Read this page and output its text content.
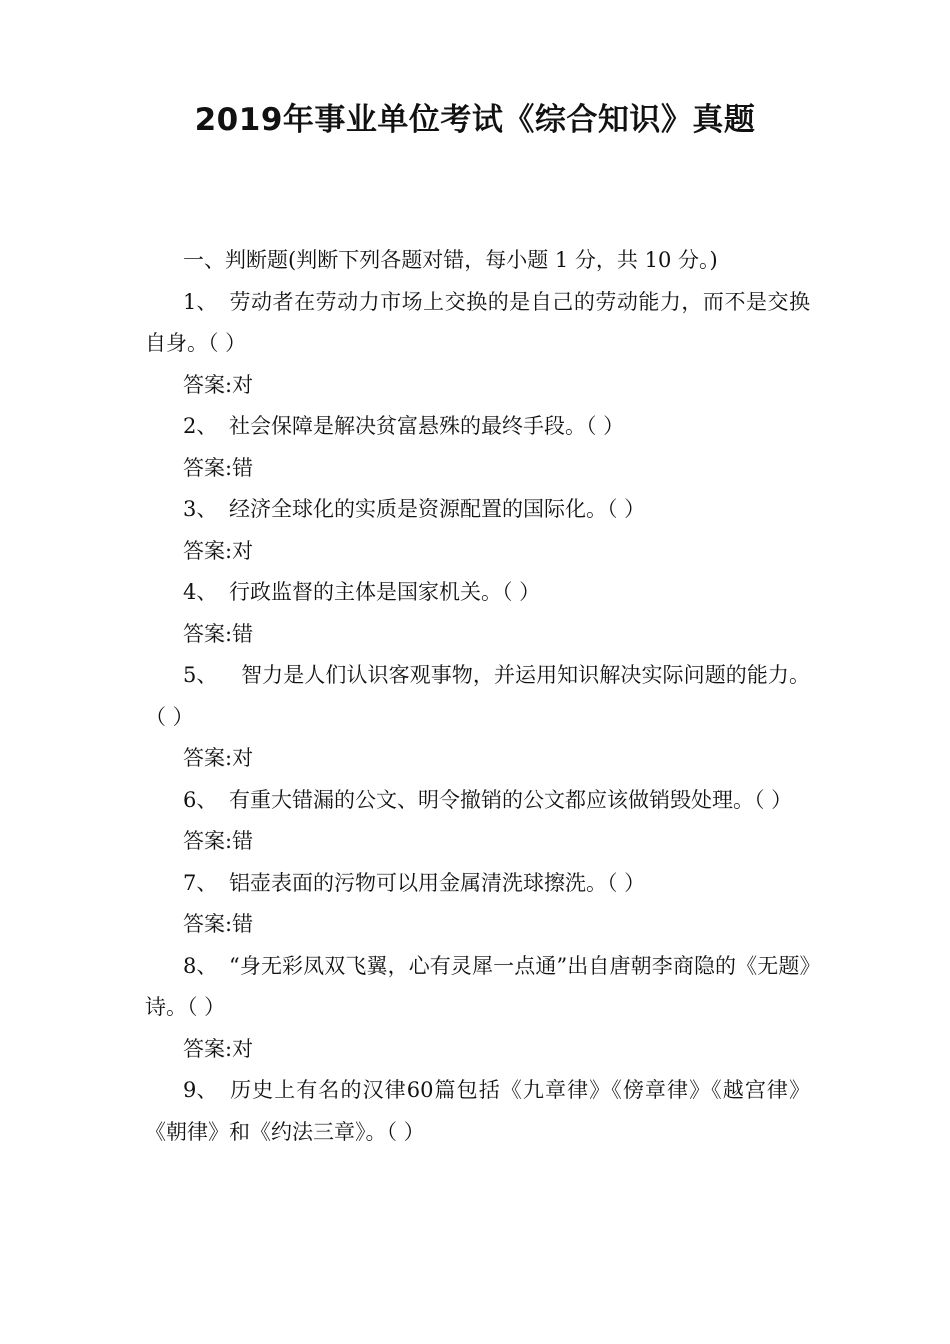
2019年事业单位考试《综合知识》真题

一、判断题(判断下列各题对错，每小题 1 分，共 10 分。)

1、 劳动者在劳动力市场上交换的是自己的劳动能力，而不是交换自身。（ ）

答案:对

2、 社会保障是解决贫富悬殊的最终手段。（ ）

答案:错

3、 经济全球化的实质是资源配置的国际化。（ ）

答案:对

4、 行政监督的主体是国家机关。（ ）

答案:错

5、 智力是人们认识客观事物，并运用知识解决实际问题的能力。（ ）

答案:对

6、 有重大错漏的公文、明令撤销的公文都应该做销毁处理。（ ）

答案:错

7、 铝壶表面的污物可以用金属清洗球擦洗。（ ）

答案:错

8、 “身无彩凤双飞翼，心有灵犀一点通”出自唐朝李商隐的《无题》诗。（ ）

答案:对

9、 历史上有名的汉律60篇包括《九章律》《傍章律》《越宫律》《朝律》和《约法三章》。（ ）
